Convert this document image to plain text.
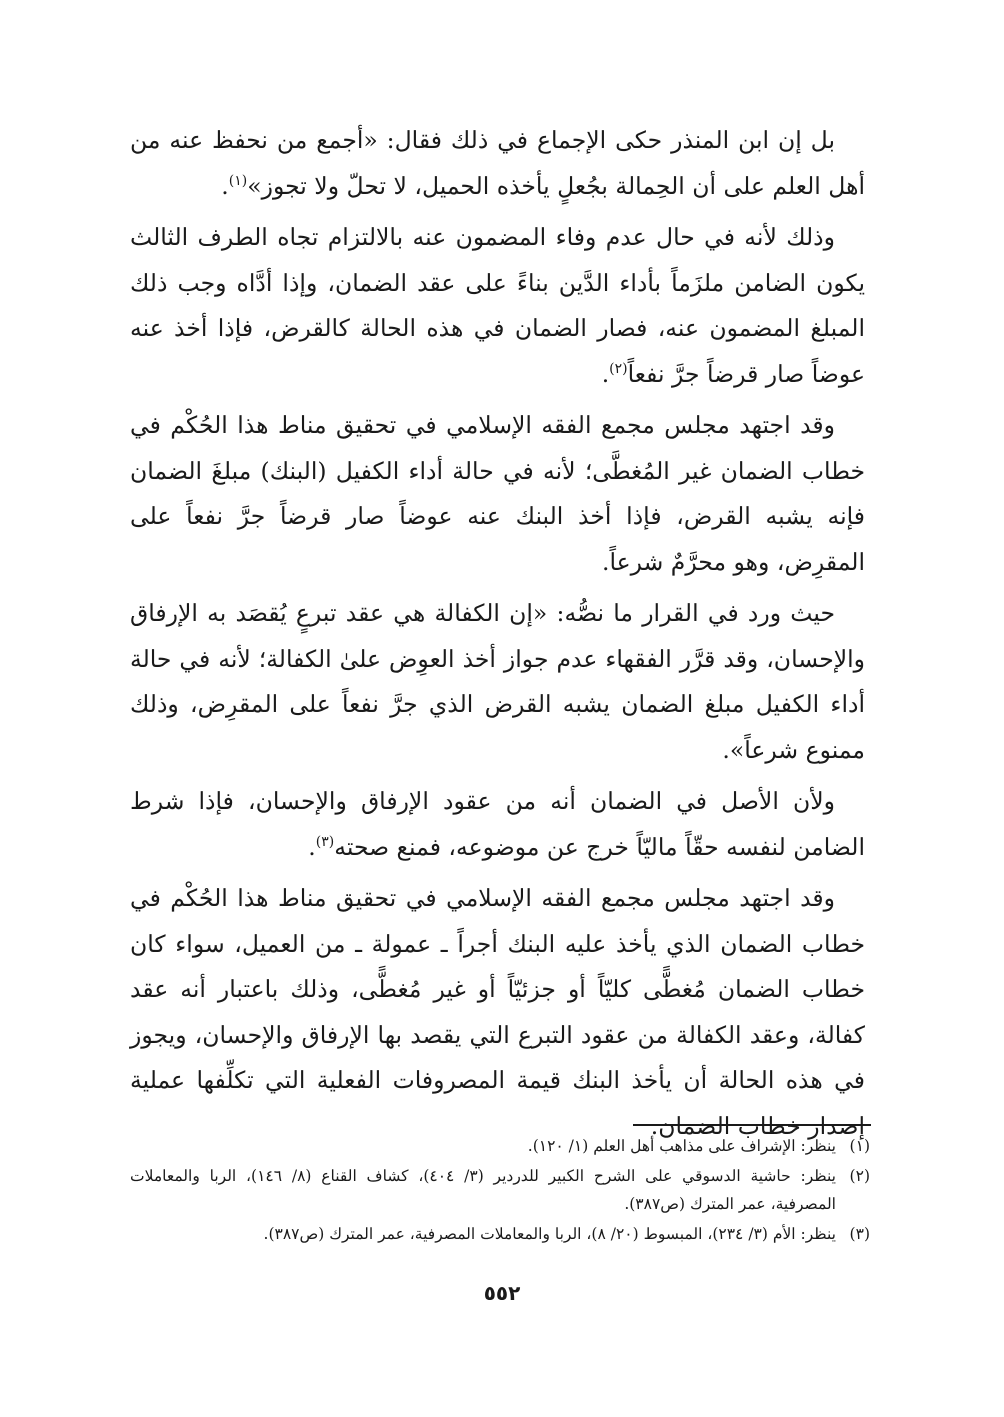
بل إن ابن المنذر حكى الإجماع في ذلك فقال: «أجمع من نحفظ عنه من أهل العلم على أن الحِمالة بجُعلٍ يأخذه الحميل، لا تحلّ ولا تجوز»$^{(١)}$.

وذلك لأنه في حال عدم وفاء المضمون عنه بالالتزام تجاه الطرف الثالث يكون الضامن ملزَماً بأداء الدَّين بناءً على عقد الضمان، وإذا أدَّاه وجب ذلك المبلغ المضمون عنه، فصار الضمان في هذه الحالة كالقرض، فإذا أخذ عنه عوضاً صار قرضاً جرَّ نفعاً$^{(٢)}$.

وقد اجتهد مجلس مجمع الفقه الإسلامي في تحقيق مناط هذا الحُكْم في خطاب الضمان غير المُغطَّى؛ لأنه في حالة أداء الكفيل (البنك) مبلغَ الضمان فإنه يشبه القرض، فإذا أخذ البنك عنه عوضاً صار قرضاً جرَّ نفعاً على المقرِض، وهو محرَّمٌ شرعاً.

حيث ورد في القرار ما نصُّه: «إن الكفالة هي عقد تبرعٍ يُقصَد به الإرفاق والإحسان، وقد قرَّر الفقهاء عدم جواز أخذ العوِض علىٰ الكفالة؛ لأنه في حالة أداء الكفيل مبلغ الضمان يشبه القرض الذي جرَّ نفعاً على المقرِض، وذلك ممنوع شرعاً».

ولأن الأصل في الضمان أنه من عقود الإرفاق والإحسان، فإذا شرط الضامن لنفسه حقّاً ماليّاً خرج عن موضوعه، فمنع صحته$^{(٣)}$.

وقد اجتهد مجلس مجمع الفقه الإسلامي في تحقيق مناط هذا الحُكْم في خطاب الضمان الذي يأخذ عليه البنك أجراً ـ عمولة ـ من العميل، سواء كان خطاب الضمان مُغطًّى كليّاً أو جزئيّاً أو غير مُغطًّى، وذلك باعتبار أنه عقد كفالة، وعقد الكفالة من عقود التبرع التي يقصد بها الإرفاق والإحسان، ويجوز في هذه الحالة أن يأخذ البنك قيمة المصروفات الفعلية التي تكلِّفها عملية إصدار خطاب الضمان.

(١)
ينظر: الإشراف على مذاهب أهل العلم (١/ ١٢٠).
(٢)
ينظر: حاشية الدسوقي على الشرح الكبير للدردير (٣/ ٤٠٤)، كشاف القناع (٨/ ١٤٦)، الربا والمعاملات المصرفية، عمر المترك (ص٣٨٧).
(٣)
ينظر: الأم (٣/ ٢٣٤)، المبسوط (٢٠/ ٨)، الربا والمعاملات المصرفية، عمر المترك (ص٣٨٧).
٥٥٢
